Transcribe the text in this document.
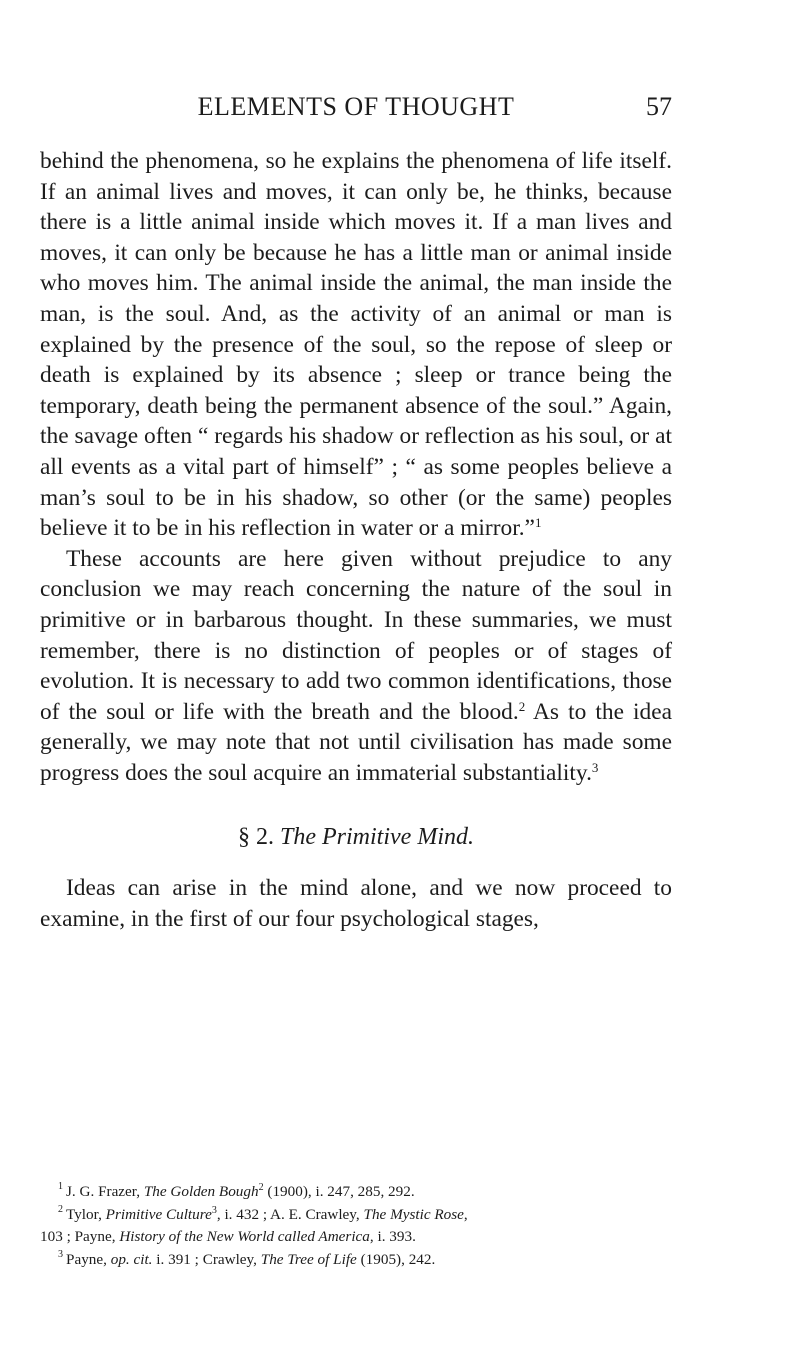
ELEMENTS OF THOUGHT	57

behind the phenomena, so he explains the phenomena of life itself. If an animal lives and moves, it can only be, he thinks, because there is a little animal inside which moves it. If a man lives and moves, it can only be because he has a little man or animal inside who moves him. The animal inside the animal, the man inside the man, is the soul. And, as the activity of an animal or man is explained by the presence of the soul, so the repose of sleep or death is explained by its absence ; sleep or trance being the temporary, death being the permanent absence of the soul.” Again, the savage often “ regards his shadow or reflection as his soul, or at all events as a vital part of himself” ; “ as some peoples believe a man’s soul to be in his shadow, so other (or the same) peoples believe it to be in his reflection in water or a mirror.”$^1$

These accounts are here given without prejudice to any conclusion we may reach concerning the nature of the soul in primitive or in barbarous thought. In these summaries, we must remember, there is no distinction of peoples or of stages of evolution. It is necessary to add two common identifications, those of the soul or life with the breath and the blood.$^2$ As to the idea generally, we may note that not until civilisation has made some progress does the soul acquire an immaterial substantiality.$^3$

§ 2. The Primitive Mind.

Ideas can arise in the mind alone, and we now proceed to examine, in the first of our four psychological stages,

1 J. G. Frazer, The Golden Bough$^2$ (1900), i. 247, 285, 292.
2 Tylor, Primitive Culture$^3$, i. 432 ; A. E. Crawley, The Mystic Rose,
103 ; Payne, History of the New World called America, i. 393.
3 Payne, op. cit. i. 391 ; Crawley, The Tree of Life (1905), 242.
